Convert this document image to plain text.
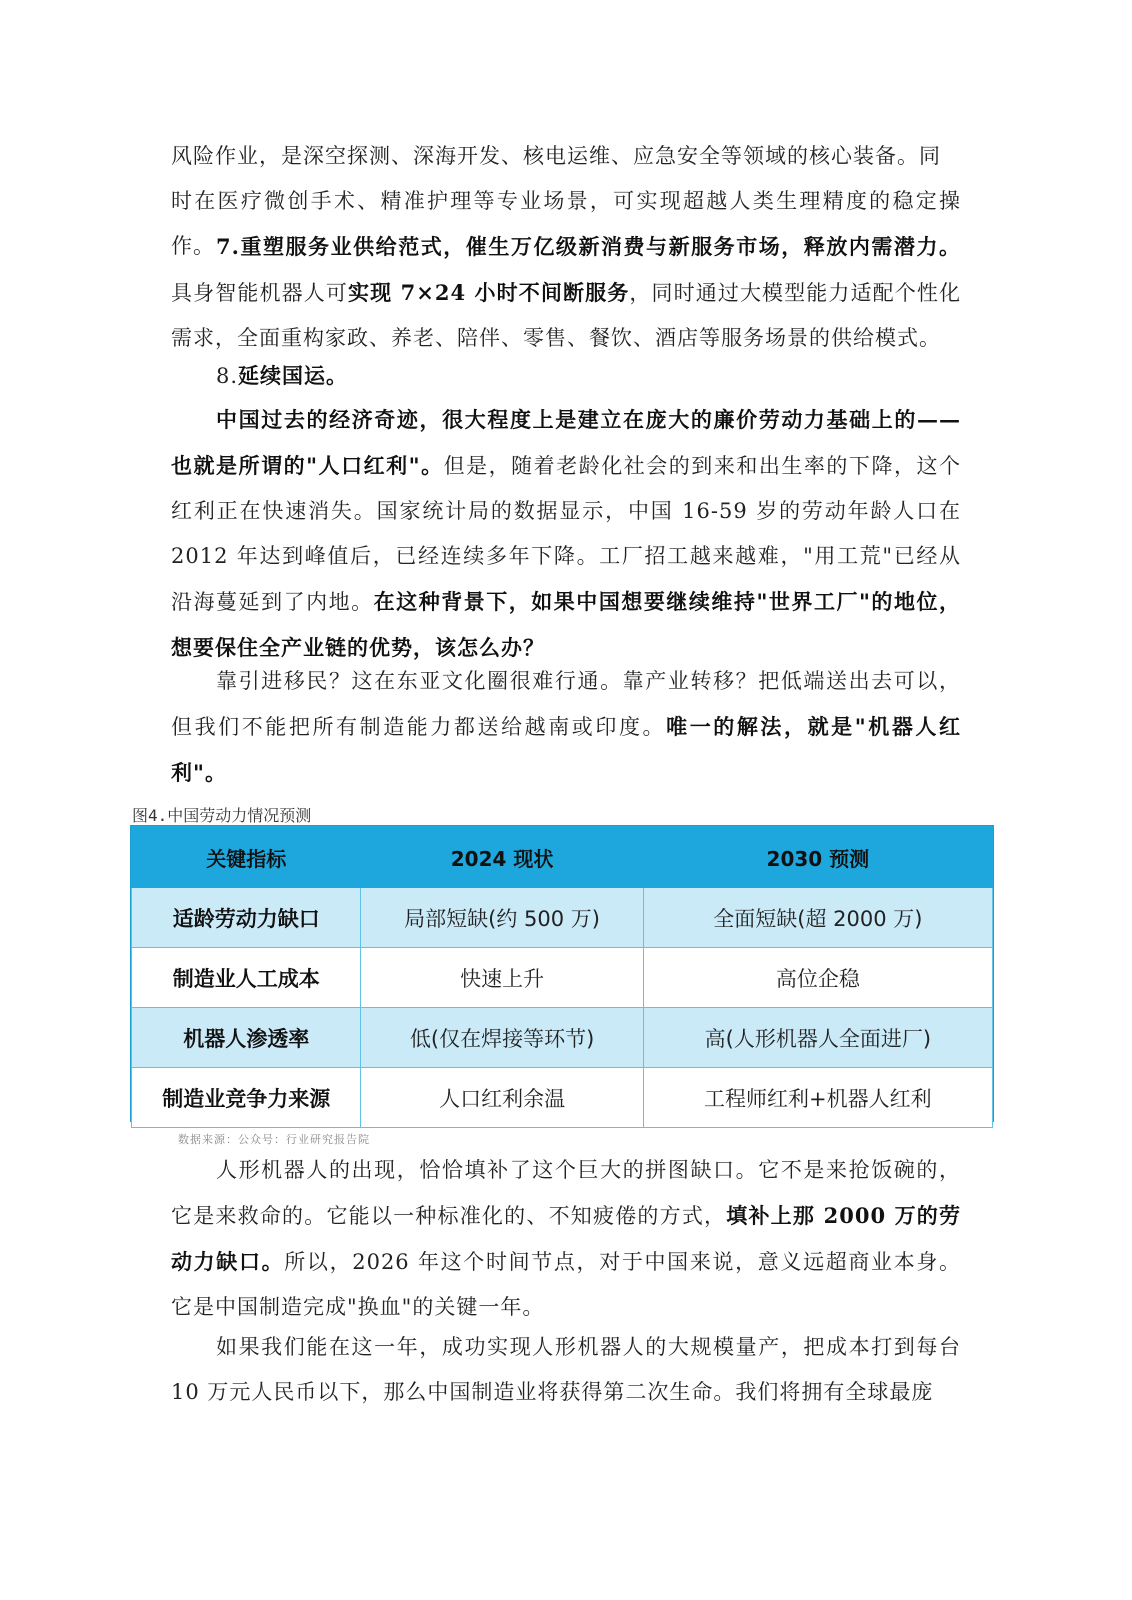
风险作业，是深空探测、深海开发、核电运维、应急安全等领域的核心装备。同
时在医疗微创手术、精准护理等专业场景，可实现超越人类生理精度的稳定操作。 7.重塑服务业供给范式，催生万亿级新消费与新服务市场，释放内需潜力。具身智能机器人可实现 7×24 小时不间断服务，同时通过大模型能力适配个性化需求，全面重构家政、养老、陪伴、零售、餐饮、酒店等服务场景的供给模式。
8.延续国运。
中国过去的经济奇迹，很大程度上是建立在庞大的廉价劳动力基础上的——也就是所谓的"人口红利"。但是，随着老龄化社会的到来和出生率的下降，这个红利正在快速消失。国家统计局的数据显示，中国 16-59 岁的劳动年龄人口在 2012 年达到峰值后，已经连续多年下降。工厂招工越来越难，"用工荒"已经从沿海蔓延到了内地。在这种背景下，如果中国想要继续维持"世界工厂"的地位，想要保住全产业链的优势，该怎么办？
靠引进移民？这在东亚文化圈很难行通。靠产业转移？把低端送出去可以，但我们不能把所有制造能力都送给越南或印度。唯一的解法，就是"机器人红利"。
图4.中国劳动力情况预测
关键指标	2024 现状	2030 预测
适龄劳动力缺口	局部短缺(约 500 万)	全面短缺(超 2000 万)
制造业人工成本	快速上升	高位企稳
机器人渗透率	低(仅在焊接等环节)	高(人形机器人全面进厂)
制造业竞争力来源	人口红利余温	工程师红利+机器人红利
数据来源：公众号：行业研究报告院
人形机器人的出现，恰恰填补了这个巨大的拼图缺口。它不是来抢饭碗的，它是来救命的。它能以一种标准化的、不知疲倦的方式，填补上那 2000 万的劳动力缺口。所以，2026 年这个时间节点，对于中国来说，意义远超商业本身。它是中国制造完成"换血"的关键一年。
如果我们能在这一年，成功实现人形机器人的大规模量产，把成本打到每台 10 万元人民币以下，那么中国制造业将获得第二次生命。我们将拥有全球最庞
